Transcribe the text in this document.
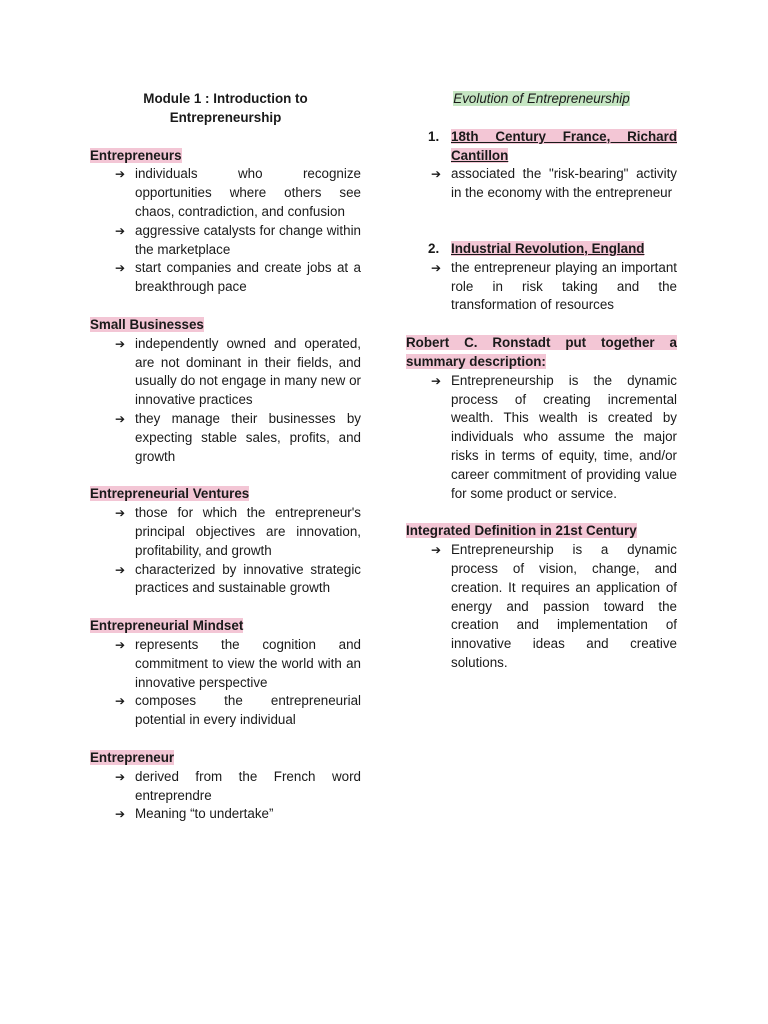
Module 1 : Introduction to
Entrepreneurship
Entrepreneurs
➔ individuals who recognize opportunities where others see chaos, contradiction, and confusion
➔ aggressive catalysts for change within the marketplace
➔ start companies and create jobs at a breakthrough pace
Small Businesses
➔ independently owned and operated, are not dominant in their fields, and usually do not engage in many new or innovative practices
➔ they manage their businesses by expecting stable sales, profits, and growth
Entrepreneurial Ventures
➔ those for which the entrepreneur's principal objectives are innovation, profitability, and growth
➔ characterized by innovative strategic practices and sustainable growth
Entrepreneurial Mindset
➔ represents the cognition and commitment to view the world with an innovative perspective
➔ composes the entrepreneurial potential in every individual
Entrepreneur
➔ derived from the French word entreprendre
➔ Meaning “to undertake”
Evolution of Entrepreneurship
1. 18th Century France, Richard Cantillon
➔ associated the "risk-bearing" activity in the economy with the entrepreneur
2. Industrial Revolution, England
➔ the entrepreneur playing an important role in risk taking and the transformation of resources
Robert C. Ronstadt put together a summary description:
➔ Entrepreneurship is the dynamic process of creating incremental wealth. This wealth is created by individuals who assume the major risks in terms of equity, time, and/or career commitment of providing value for some product or service.
Integrated Definition in 21st Century
➔ Entrepreneurship is a dynamic process of vision, change, and creation. It requires an application of energy and passion toward the creation and implementation of innovative ideas and creative solutions.
